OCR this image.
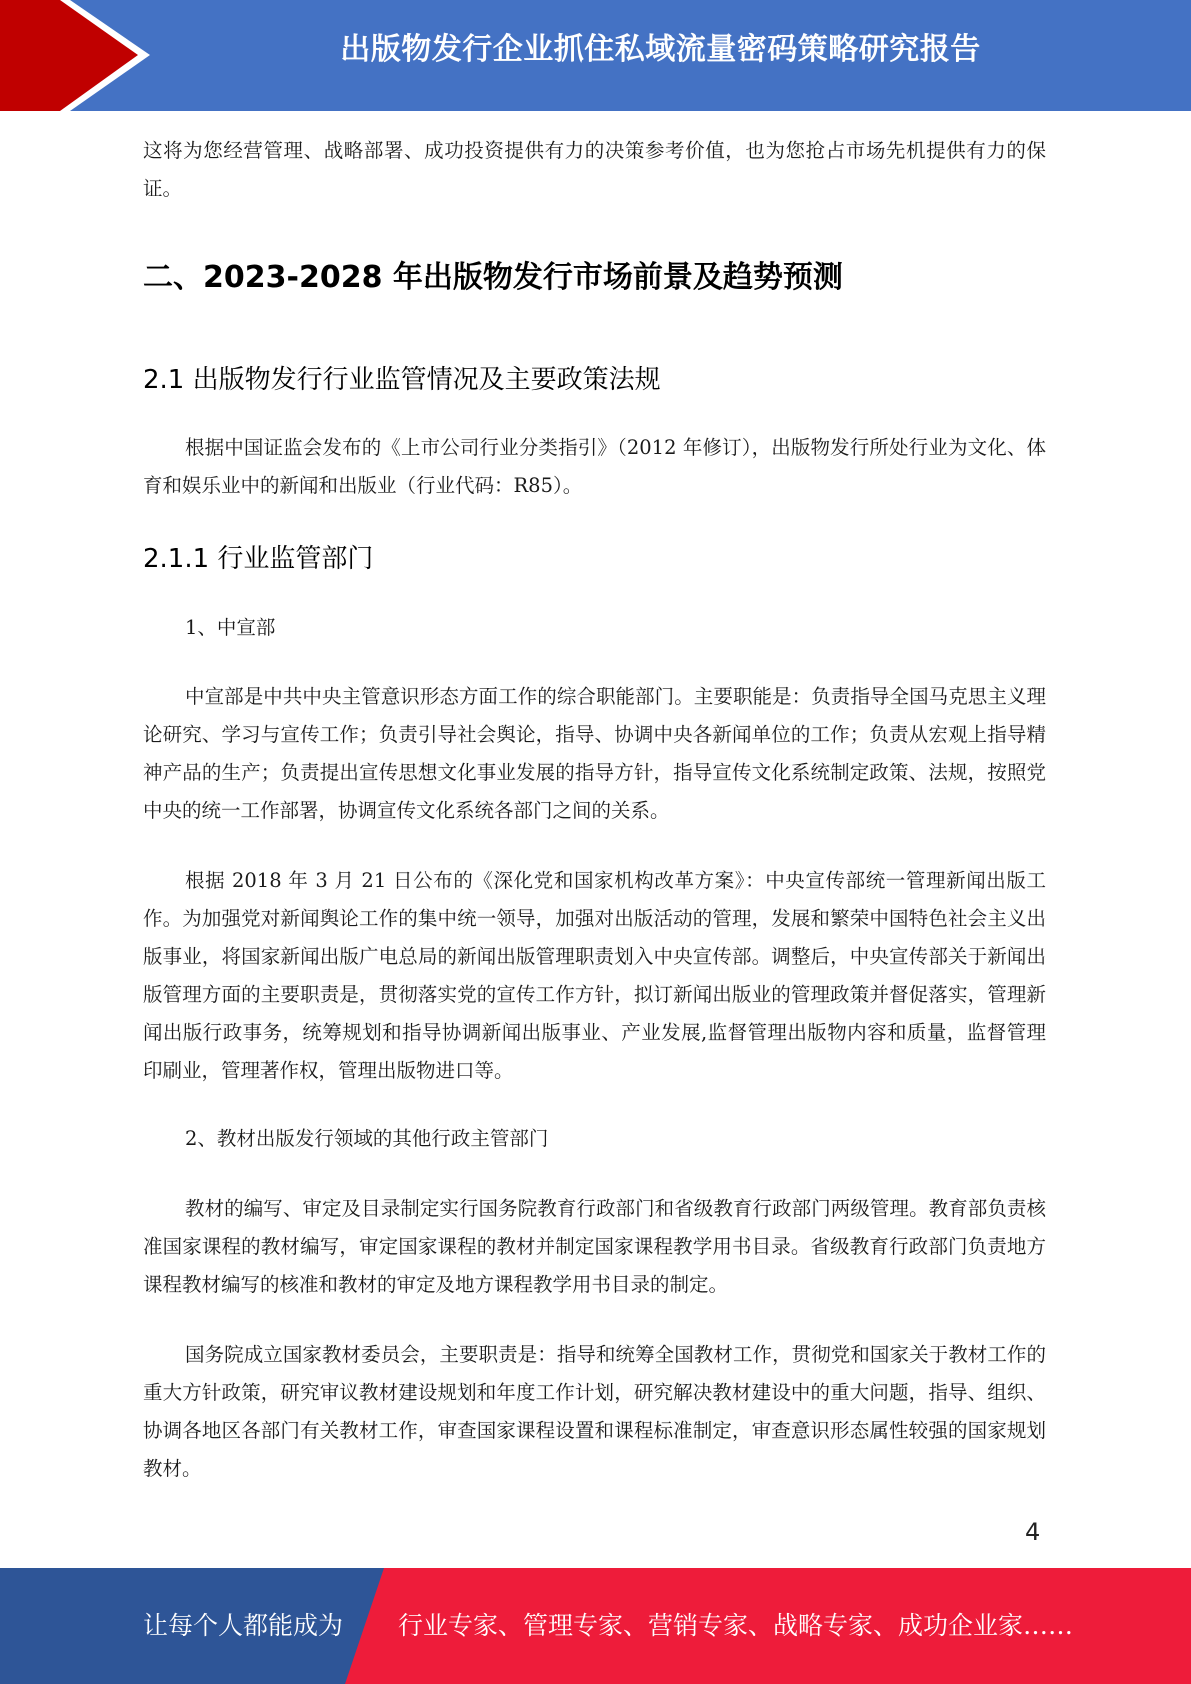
出版物发行企业抓住私域流量密码策略研究报告

这将为您经营管理、战略部署、成功投资提供有力的决策参考价值，也为您抢占市场先机提供有力的保证。

二、2023-2028 年出版物发行市场前景及趋势预测
2.1 出版物发行行业监管情况及主要政策法规

根据中国证监会发布的《上市公司行业分类指引》（2012 年修订），出版物发行所处行业为文化、体育和娱乐业中的新闻和出版业（行业代码：R85）。

2.1.1 行业监管部门

1、中宣部

中宣部是中共中央主管意识形态方面工作的综合职能部门。主要职能是：负责指导全国马克思主义理论研究、学习与宣传工作；负责引导社会舆论，指导、协调中央各新闻单位的工作；负责从宏观上指导精神产品的生产；负责提出宣传思想文化事业发展的指导方针，指导宣传文化系统制定政策、法规，按照党中央的统一工作部署，协调宣传文化系统各部门之间的关系。

根据 2018 年 3 月 21 日公布的《深化党和国家机构改革方案》：中央宣传部统一管理新闻出版工作。为加强党对新闻舆论工作的集中统一领导，加强对出版活动的管理，发展和繁荣中国特色社会主义出版事业，将国家新闻出版广电总局的新闻出版管理职责划入中央宣传部。调整后，中央宣传部关于新闻出版管理方面的主要职责是，贯彻落实党的宣传工作方针，拟订新闻出版业的管理政策并督促落实，管理新闻出版行政事务，统筹规划和指导协调新闻出版事业、产业发展,监督管理出版物内容和质量，监督管理印刷业，管理著作权，管理出版物进口等。

2、教材出版发行领域的其他行政主管部门

教材的编写、审定及目录制定实行国务院教育行政部门和省级教育行政部门两级管理。教育部负责核准国家课程的教材编写，审定国家课程的教材并制定国家课程教学用书目录。省级教育行政部门负责地方课程教材编写的核准和教材的审定及地方课程教学用书目录的制定。

国务院成立国家教材委员会，主要职责是：指导和统筹全国教材工作，贯彻党和国家关于教材工作的重大方针政策，研究审议教材建设规划和年度工作计划，研究解决教材建设中的重大问题，指导、组织、协调各地区各部门有关教材工作，审查国家课程设置和课程标准制定，审查意识形态属性较强的国家规划教材。

4
让每个人都能成为 行业专家、管理专家、营销专家、战略专家、成功企业家……
